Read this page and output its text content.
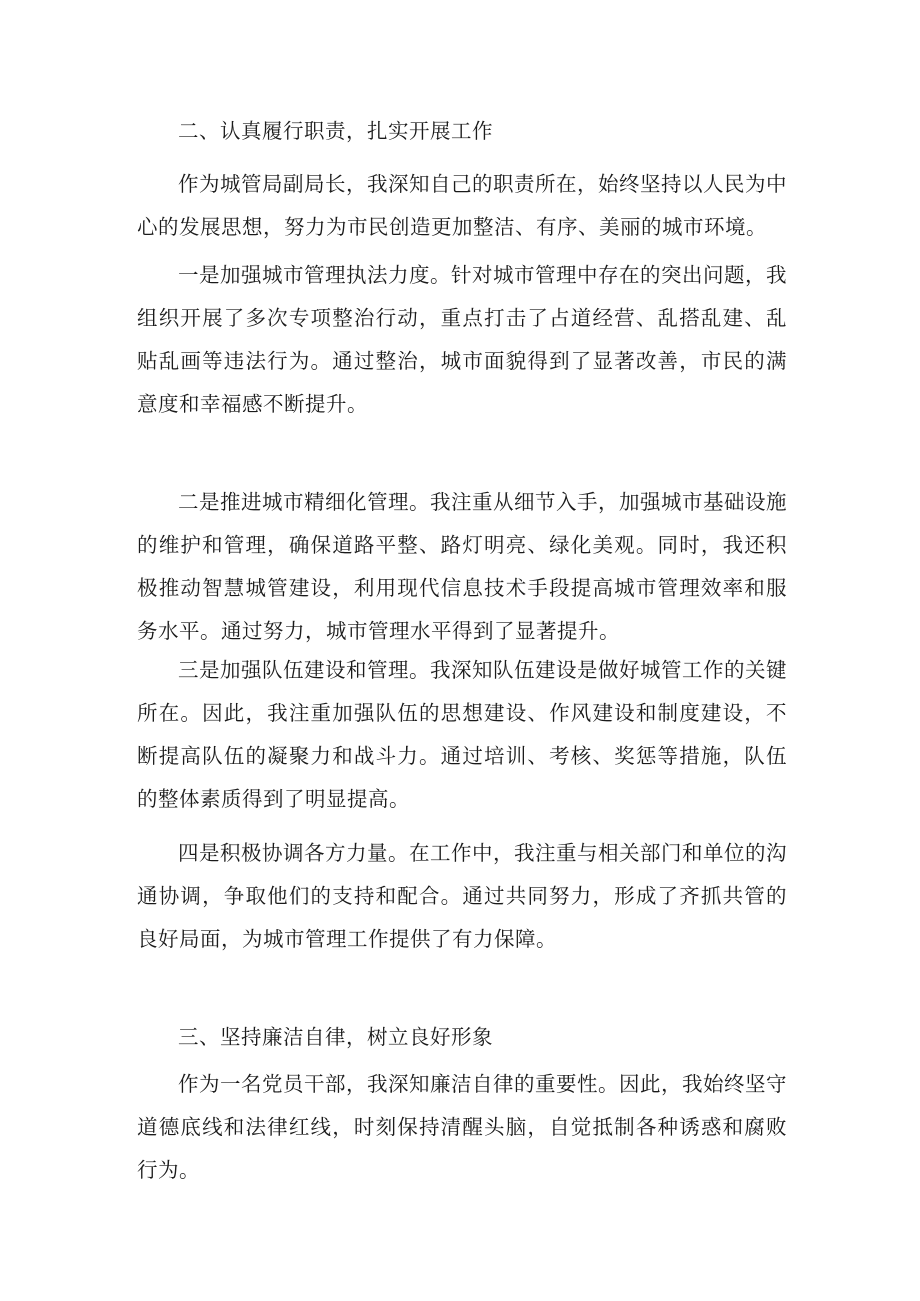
二、认真履行职责，扎实开展工作

作为城管局副局长，我深知自己的职责所在，始终坚持以人民为中心的发展思想，努力为市民创造更加整洁、有序、美丽的城市环境。

一是加强城市管理执法力度。针对城市管理中存在的突出问题，我组织开展了多次专项整治行动，重点打击了占道经营、乱搭乱建、乱贴乱画等违法行为。通过整治，城市面貌得到了显著改善，市民的满意度和幸福感不断提升。

二是推进城市精细化管理。我注重从细节入手，加强城市基础设施的维护和管理，确保道路平整、路灯明亮、绿化美观。同时，我还积极推动智慧城管建设，利用现代信息技术手段提高城市管理效率和服务水平。通过努力，城市管理水平得到了显著提升。

三是加强队伍建设和管理。我深知队伍建设是做好城管工作的关键所在。因此，我注重加强队伍的思想建设、作风建设和制度建设，不断提高队伍的凝聚力和战斗力。通过培训、考核、奖惩等措施，队伍的整体素质得到了明显提高。

四是积极协调各方力量。在工作中，我注重与相关部门和单位的沟通协调，争取他们的支持和配合。通过共同努力，形成了齐抓共管的良好局面，为城市管理工作提供了有力保障。

三、坚持廉洁自律，树立良好形象

作为一名党员干部，我深知廉洁自律的重要性。因此，我始终坚守道德底线和法律红线，时刻保持清醒头脑，自觉抵制各种诱惑和腐败行为。
